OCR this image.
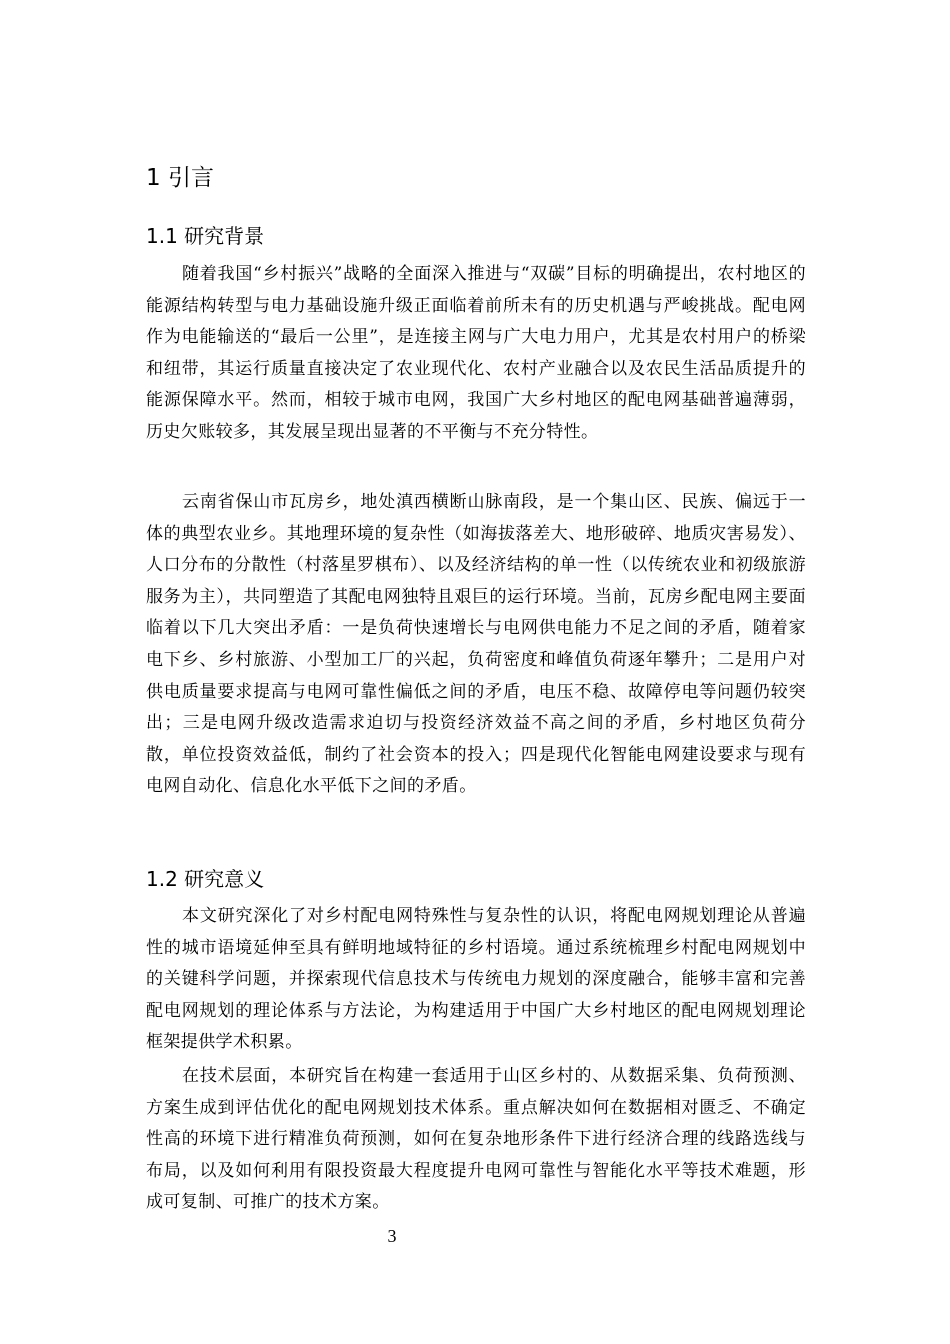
1 引言
1.1 研究背景

随着我国“乡村振兴”战略的全面深入推进与“双碳”目标的明确提出，农村地区的能源结构转型与电力基础设施升级正面临着前所未有的历史机遇与严峻挑战。配电网作为电能输送的“最后一公里”，是连接主网与广大电力用户，尤其是农村用户的桥梁和纽带，其运行质量直接决定了农业现代化、农村产业融合以及农民生活品质提升的能源保障水平。然而，相较于城市电网，我国广大乡村地区的配电网基础普遍薄弱，历史欠账较多，其发展呈现出显著的不平衡与不充分特性。

云南省保山市瓦房乡，地处滇西横断山脉南段，是一个集山区、民族、偏远于一体的典型农业乡。其地理环境的复杂性（如海拔落差大、地形破碎、地质灾害易发）、人口分布的分散性（村落星罗棋布）、以及经济结构的单一性（以传统农业和初级旅游服务为主），共同塑造了其配电网独特且艰巨的运行环境。当前，瓦房乡配电网主要面临着以下几大突出矛盾：一是负荷快速增长与电网供电能力不足之间的矛盾，随着家电下乡、乡村旅游、小型加工厂的兴起，负荷密度和峰值负荷逐年攀升；二是用户对供电质量要求提高与电网可靠性偏低之间的矛盾，电压不稳、故障停电等问题仍较突出；三是电网升级改造需求迫切与投资经济效益不高之间的矛盾，乡村地区负荷分散，单位投资效益低，制约了社会资本的投入；四是现代化智能电网建设要求与现有电网自动化、信息化水平低下之间的矛盾。

1.2 研究意义

本文研究深化了对乡村配电网特殊性与复杂性的认识，将配电网规划理论从普遍性的城市语境延伸至具有鲜明地域特征的乡村语境。通过系统梳理乡村配电网规划中的关键科学问题，并探索现代信息技术与传统电力规划的深度融合，能够丰富和完善配电网规划的理论体系与方法论，为构建适用于中国广大乡村地区的配电网规划理论框架提供学术积累。

在技术层面，本研究旨在构建一套适用于山区乡村的、从数据采集、负荷预测、方案生成到评估优化的配电网规划技术体系。重点解决如何在数据相对匮乏、不确定性高的环境下进行精准负荷预测，如何在复杂地形条件下进行经济合理的线路选线与布局，以及如何利用有限投资最大程度提升电网可靠性与智能化水平等技术难题，形成可复制、可推广的技术方案。

3
